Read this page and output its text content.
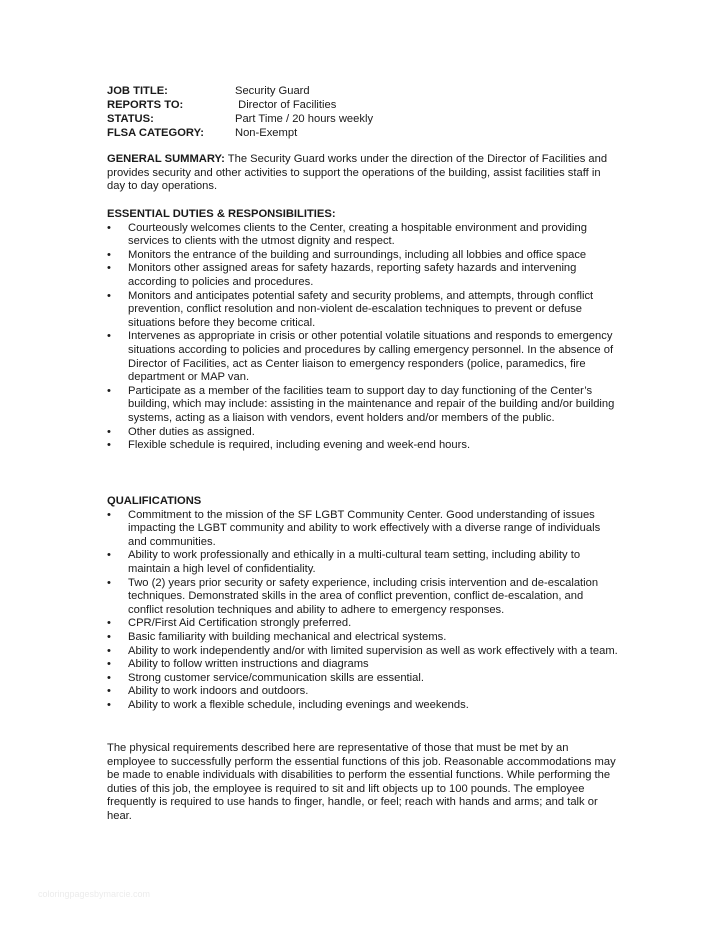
JOB TITLE:	Security Guard
REPORTS TO:	Director of Facilities
STATUS:	Part Time / 20 hours weekly
FLSA CATEGORY:	Non-Exempt
GENERAL SUMMARY: The Security Guard works under the direction of the Director of Facilities and provides security and other activities to support the operations of the building, assist facilities staff in day to day operations.
ESSENTIAL DUTIES & RESPONSIBILITIES:
• Courteously welcomes clients to the Center, creating a hospitable environment and providing services to clients with the utmost dignity and respect.
• Monitors the entrance of the building and surroundings, including all lobbies and office space
• Monitors other assigned areas for safety hazards, reporting safety hazards and intervening according to policies and procedures.
• Monitors and anticipates potential safety and security problems, and attempts, through conflict prevention, conflict resolution and non-violent de-escalation techniques to prevent or defuse situations before they become critical.
• Intervenes as appropriate in crisis or other potential volatile situations and responds to emergency situations according to policies and procedures by calling emergency personnel. In the absence of Director of Facilities, act as Center liaison to emergency responders (police, paramedics, fire department or MAP van.
• Participate as a member of the facilities team to support day to day functioning of the Center’s building, which may include: assisting in the maintenance and repair of the building and/or building systems, acting as a liaison with vendors, event holders and/or members of the public.
• Other duties as assigned.
• Flexible schedule is required, including evening and week-end hours.
QUALIFICATIONS
• Commitment to the mission of the SF LGBT Community Center. Good understanding of issues impacting the LGBT community and ability to work effectively with a diverse range of individuals and communities.
• Ability to work professionally and ethically in a multi-cultural team setting, including ability to maintain a high level of confidentiality.
• Two (2) years prior security or safety experience, including crisis intervention and de-escalation techniques. Demonstrated skills in the area of conflict prevention, conflict de-escalation, and conflict resolution techniques and ability to adhere to emergency responses.
• CPR/First Aid Certification strongly preferred.
• Basic familiarity with building mechanical and electrical systems.
• Ability to work independently and/or with limited supervision as well as work effectively with a team.
• Ability to follow written instructions and diagrams
• Strong customer service/communication skills are essential.
• Ability to work indoors and outdoors.
• Ability to work a flexible schedule, including evenings and weekends.
The physical requirements described here are representative of those that must be met by an employee to successfully perform the essential functions of this job. Reasonable accommodations may be made to enable individuals with disabilities to perform the essential functions. While performing the duties of this job, the employee is required to sit and lift objects up to 100 pounds. The employee frequently is required to use hands to finger, handle, or feel; reach with hands and arms; and talk or hear.
coloringpagesbymarcie.com
